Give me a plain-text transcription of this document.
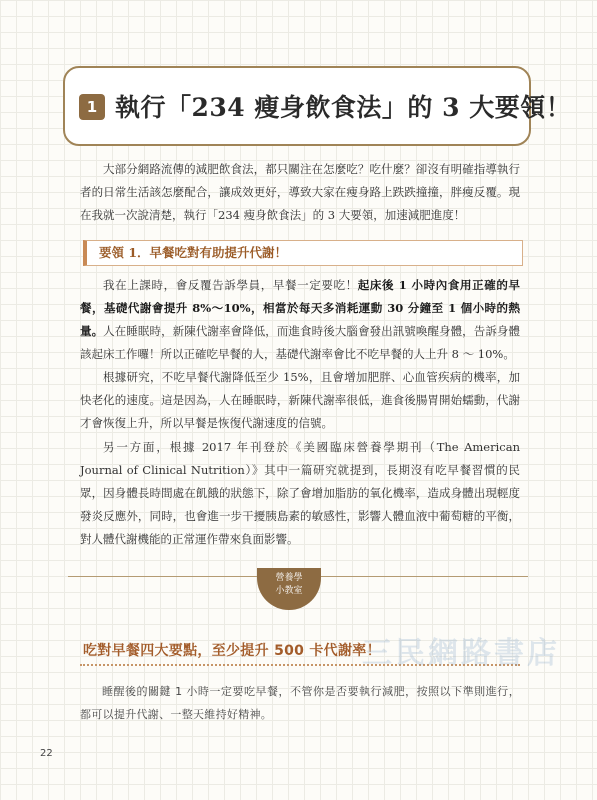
1 執行「234 瘦身飲食法」的 3 大要領！

大部分網路流傳的減肥飲食法，都只關注在怎麼吃？吃什麼？卻沒有明確指導執行者的日常生活該怎麼配合，讓成效更好，導致大家在瘦身路上跌跌撞撞，胖瘦反覆。現在我就一次說清楚，執行「234 瘦身飲食法」的 3 大要領，加速減肥進度！

要領 1．早餐吃對有助提升代謝！

我在上課時，會反覆告訴學員，早餐一定要吃！起床後 1 小時內食用正確的早餐，基礎代謝會提升 8%～10%，相當於每天多消耗運動 30 分鐘至 1 個小時的熱量。人在睡眠時，新陳代謝率會降低，而進食時後大腦會發出訊號喚醒身體，告訴身體該起床工作囉！所以正確吃早餐的人，基礎代謝率會比不吃早餐的人上升 8 ～ 10%。

根據研究，不吃早餐代謝降低至少 15%，且會增加肥胖、心血管疾病的機率，加快老化的速度。這是因為，人在睡眠時，新陳代謝率很低，進食後腸胃開始蠕動，代謝才會恢復上升，所以早餐是恢復代謝速度的信號。

另一方面，根據 2017 年刊登於《美國臨床營養學期刊（The American Journal of Clinical Nutrition）》其中一篇研究就提到，長期沒有吃早餐習慣的民眾，因身體長時間處在飢餓的狀態下，除了會增加脂肪的氧化機率，造成身體出現輕度發炎反應外，同時，也會進一步干擾胰島素的敏感性，影響人體血液中葡萄糖的平衡，對人體代謝機能的正常運作帶來負面影響。

營養學
小教室
吃對早餐四大要點，至少提升 500 卡代謝率！
三民網路書店

睡醒後的關鍵 1 小時一定要吃早餐，不管你是否要執行減肥，按照以下準則進行，都可以提升代謝、一整天維持好精神。

22
